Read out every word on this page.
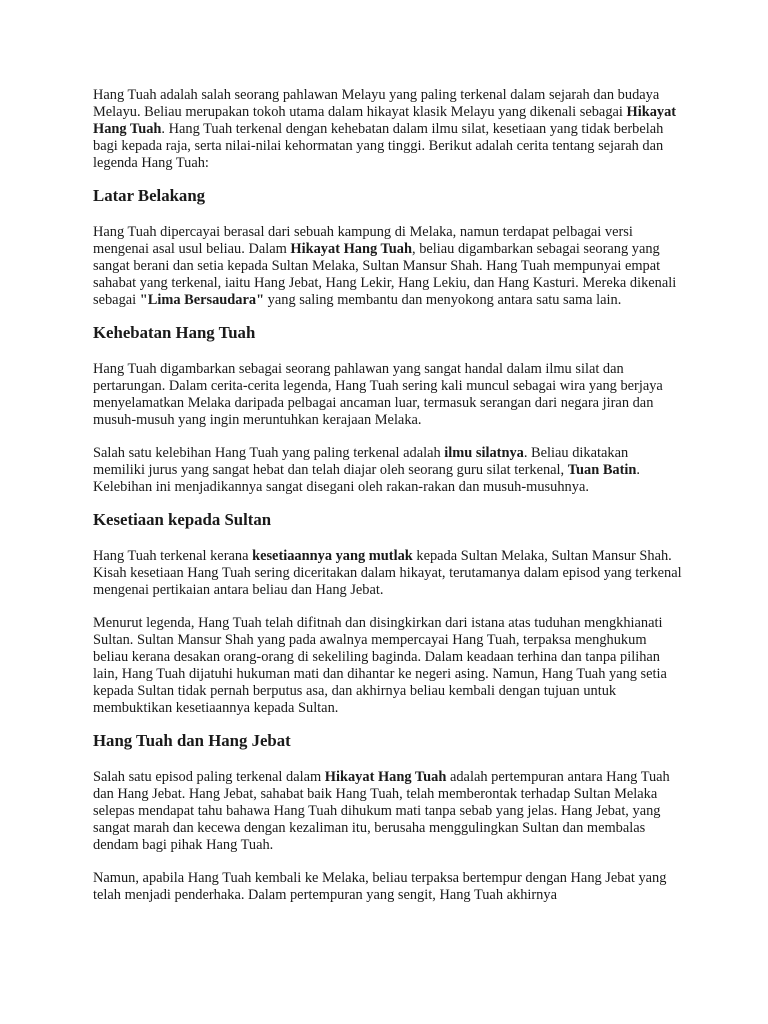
Hang Tuah adalah salah seorang pahlawan Melayu yang paling terkenal dalam sejarah dan budaya Melayu. Beliau merupakan tokoh utama dalam hikayat klasik Melayu yang dikenali sebagai Hikayat Hang Tuah. Hang Tuah terkenal dengan kehebatan dalam ilmu silat, kesetiaan yang tidak berbelah bagi kepada raja, serta nilai-nilai kehormatan yang tinggi. Berikut adalah cerita tentang sejarah dan legenda Hang Tuah:

Latar Belakang

Hang Tuah dipercayai berasal dari sebuah kampung di Melaka, namun terdapat pelbagai versi mengenai asal usul beliau. Dalam Hikayat Hang Tuah, beliau digambarkan sebagai seorang yang sangat berani dan setia kepada Sultan Melaka, Sultan Mansur Shah. Hang Tuah mempunyai empat sahabat yang terkenal, iaitu Hang Jebat, Hang Lekir, Hang Lekiu, dan Hang Kasturi. Mereka dikenali sebagai "Lima Bersaudara" yang saling membantu dan menyokong antara satu sama lain.

Kehebatan Hang Tuah

Hang Tuah digambarkan sebagai seorang pahlawan yang sangat handal dalam ilmu silat dan pertarungan. Dalam cerita-cerita legenda, Hang Tuah sering kali muncul sebagai wira yang berjaya menyelamatkan Melaka daripada pelbagai ancaman luar, termasuk serangan dari negara jiran dan musuh-musuh yang ingin meruntuhkan kerajaan Melaka.

Salah satu kelebihan Hang Tuah yang paling terkenal adalah ilmu silatnya. Beliau dikatakan memiliki jurus yang sangat hebat dan telah diajar oleh seorang guru silat terkenal, Tuan Batin. Kelebihan ini menjadikannya sangat disegani oleh rakan-rakan dan musuh-musuhnya.

Kesetiaan kepada Sultan

Hang Tuah terkenal kerana kesetiaannya yang mutlak kepada Sultan Melaka, Sultan Mansur Shah. Kisah kesetiaan Hang Tuah sering diceritakan dalam hikayat, terutamanya dalam episod yang terkenal mengenai pertikaian antara beliau dan Hang Jebat.

Menurut legenda, Hang Tuah telah difitnah dan disingkirkan dari istana atas tuduhan mengkhianati Sultan. Sultan Mansur Shah yang pada awalnya mempercayai Hang Tuah, terpaksa menghukum beliau kerana desakan orang-orang di sekeliling baginda. Dalam keadaan terhina dan tanpa pilihan lain, Hang Tuah dijatuhi hukuman mati dan dihantar ke negeri asing. Namun, Hang Tuah yang setia kepada Sultan tidak pernah berputus asa, dan akhirnya beliau kembali dengan tujuan untuk membuktikan kesetiaannya kepada Sultan.

Hang Tuah dan Hang Jebat

Salah satu episod paling terkenal dalam Hikayat Hang Tuah adalah pertempuran antara Hang Tuah dan Hang Jebat. Hang Jebat, sahabat baik Hang Tuah, telah memberontak terhadap Sultan Melaka selepas mendapat tahu bahawa Hang Tuah dihukum mati tanpa sebab yang jelas. Hang Jebat, yang sangat marah dan kecewa dengan kezaliman itu, berusaha menggulingkan Sultan dan membalas dendam bagi pihak Hang Tuah.

Namun, apabila Hang Tuah kembali ke Melaka, beliau terpaksa bertempur dengan Hang Jebat yang telah menjadi penderhaka. Dalam pertempuran yang sengit, Hang Tuah akhirnya
